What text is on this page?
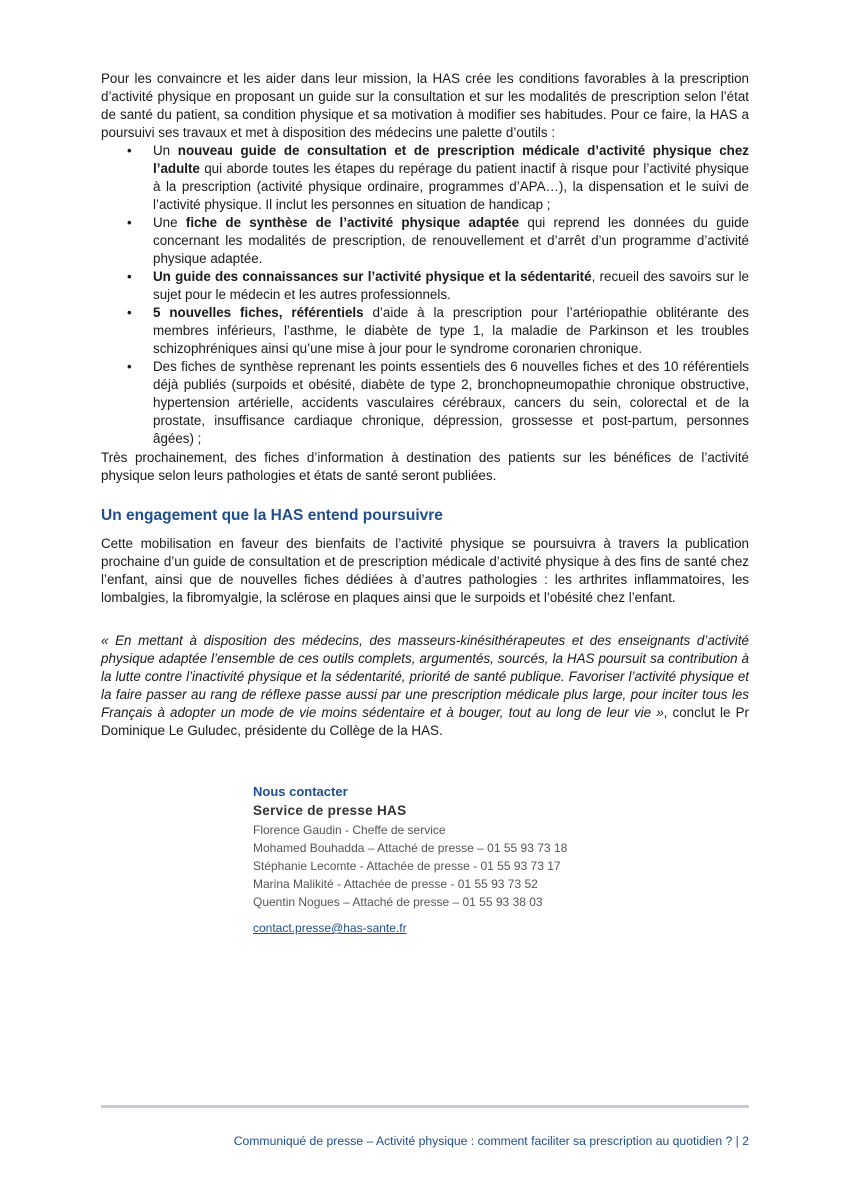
Pour les convaincre et les aider dans leur mission, la HAS crée les conditions favorables à la prescription d’activité physique en proposant un guide sur la consultation et sur les modalités de prescription selon l’état de santé du patient, sa condition physique et sa motivation à modifier ses habitudes. Pour ce faire, la HAS a poursuivi ses travaux et met à disposition des médecins une palette d’outils :

• Un nouveau guide de consultation et de prescription médicale d’activité physique chez l’adulte qui aborde toutes les étapes du repérage du patient inactif à risque pour l’activité physique à la prescription (activité physique ordinaire, programmes d’APA…), la dispensation et le suivi de l’activité physique. Il inclut les personnes en situation de handicap ;
• Une fiche de synthèse de l’activité physique adaptée qui reprend les données du guide concernant les modalités de prescription, de renouvellement et d’arrêt d’un programme d’activité physique adaptée.
• Un guide des connaissances sur l’activité physique et la sédentarité, recueil des savoirs sur le sujet pour le médecin et les autres professionnels.
• 5 nouvelles fiches, référentiels d’aide à la prescription pour l’artériopathie oblitérante des membres inférieurs, l’asthme, le diabète de type 1, la maladie de Parkinson et les troubles schizophréniques ainsi qu’une mise à jour pour le syndrome coronarien chronique.
• Des fiches de synthèse reprenant les points essentiels des 6 nouvelles fiches et des 10 référentiels déjà publiés (surpoids et obésité, diabète de type 2, bronchopneumopathie chronique obstructive, hypertension artérielle, accidents vasculaires cérébraux, cancers du sein, colorectal et de la prostate, insuffisance cardiaque chronique, dépression, grossesse et post-partum, personnes âgées) ;

Très prochainement, des fiches d’information à destination des patients sur les bénéfices de l’activité physique selon leurs pathologies et états de santé seront publiées.

Un engagement que la HAS entend poursuivre

Cette mobilisation en faveur des bienfaits de l’activité physique se poursuivra à travers la publication prochaine d’un guide de consultation et de prescription médicale d’activité physique à des fins de santé chez l’enfant, ainsi que de nouvelles fiches dédiées à d’autres pathologies : les arthrites inflammatoires, les lombalgies, la fibromyalgie, la sclérose en plaques ainsi que le surpoids et l’obésité chez l’enfant.

« En mettant à disposition des médecins, des masseurs-kinésithérapeutes et des enseignants d’activité physique adaptée l’ensemble de ces outils complets, argumentés, sourcés, la HAS poursuit sa contribution à la lutte contre l’inactivité physique et la sédentarité, priorité de santé publique. Favoriser l’activité physique et la faire passer au rang de réflexe passe aussi par une prescription médicale plus large, pour inciter tous les Français à adopter un mode de vie moins sédentaire et à bouger, tout au long de leur vie », conclut le Pr Dominique Le Guludec, présidente du Collège de la HAS.

Nous contacter
Service de presse HAS
Florence Gaudin - Cheffe de service
Mohamed Bouhadda – Attaché de presse – 01 55 93 73 18
Stéphanie Lecomte - Attachée de presse - 01 55 93 73 17
Marina Malikité - Attachée de presse - 01 55 93 73 52
Quentin Nogues – Attaché de presse – 01 55 93 38 03
contact.presse@has-sante.fr
Communiqué de presse – Activité physique : comment faciliter sa prescription au quotidien ? | 2
